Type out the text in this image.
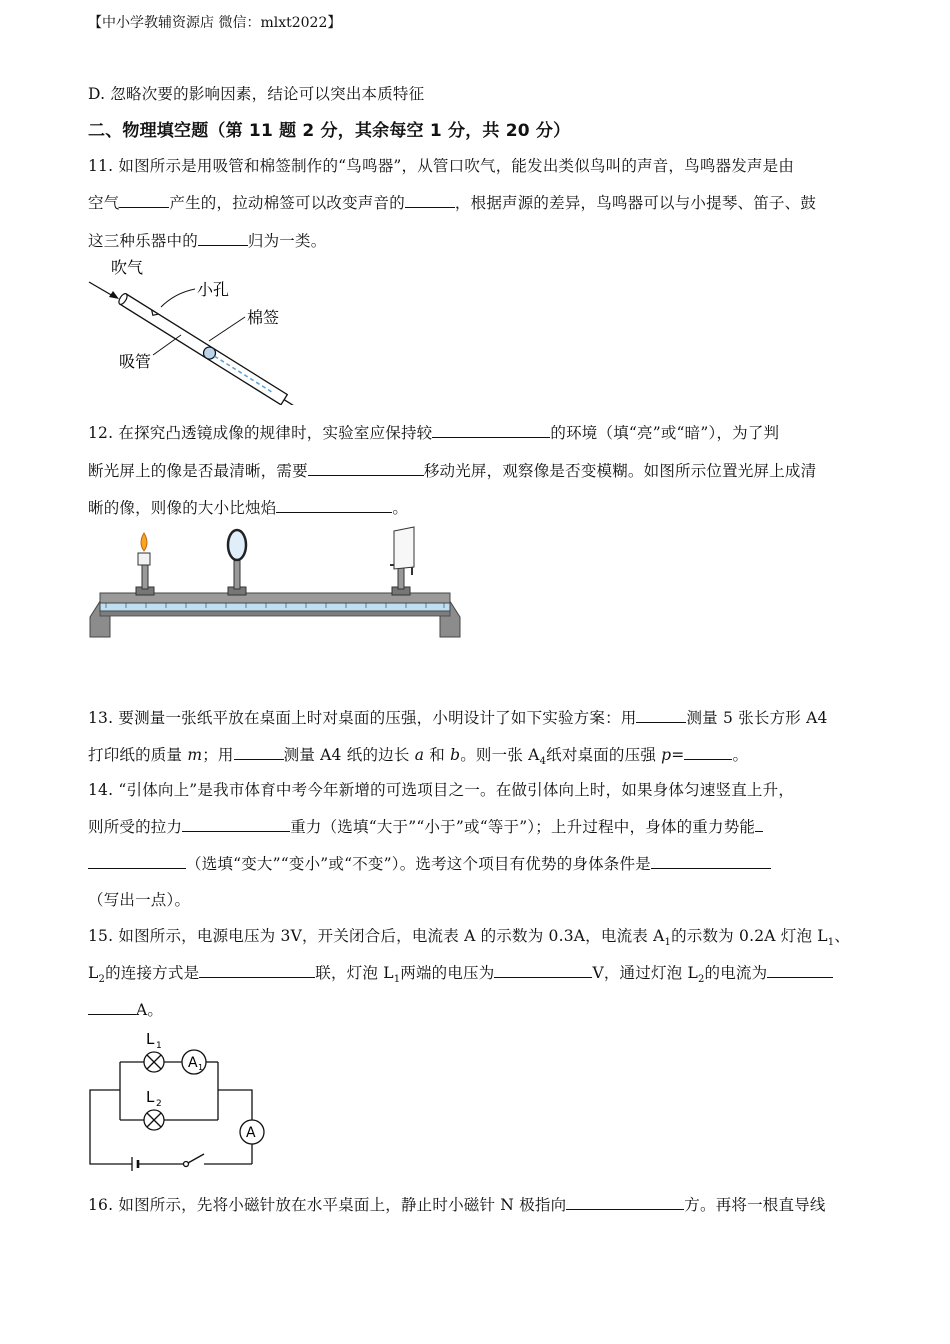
【中小学教辅资源店 微信：mlxt2022】
D. 忽略次要的影响因素，结论可以突出本质特征
二、物理填空题（第 11 题 2 分，其余每空 1 分，共 20 分）
11. 如图所示是用吸管和棉签制作的“鸟鸣器”，从管口吹气，能发出类似鸟叫的声音，鸟鸣器发声是由
空气	产生的，拉动棉签可以改变声音的	，根据声源的差异，鸟鸣器可以与小提琴、笛子、鼓
这三种乐器中的	归为一类。
吹气
小孔
棉签
吸管
12. 在探究凸透镜成像的规律时，实验室应保持较	的环境（填“亮”或“暗”），为了判
断光屏上的像是否最清晰，需要	移动光屏，观察像是否变模糊。如图所示位置光屏上成清
晰的像，则像的大小比烛焰	。
13. 要测量一张纸平放在桌面上时对桌面的压强，小明设计了如下实验方案：用	测量 5 张长方形 A4
打印纸的质量 m；用	测量 A4 纸的边长 a 和 b。则一张 $A_4$纸对桌面的压强 p=	。
14. “引体向上”是我市体育中考今年新增的可选项目之一。在做引体向上时，如果身体匀速竖直上升，
则所受的拉力	重力（选填“大于”“小于”或“等于”）；上升过程中，身体的重力势能
（选填“变大”“变小”或“不变”）。选考这个项目有优势的身体条件是
（写出一点）。
15. 如图所示，电源电压为 3V，开关闭合后，电流表 A 的示数为 0.3A，电流表 $A_1$的示数为 0.2A 灯泡 $L_1$、
$L_2$的连接方式是	联，灯泡 $L_1$两端的电压为	V，通过灯泡 $L_2$的电流为
A。
L 1
A 1
L 2
A
16. 如图所示，先将小磁针放在水平桌面上，静止时小磁针 N 极指向	方。再将一根直导线
